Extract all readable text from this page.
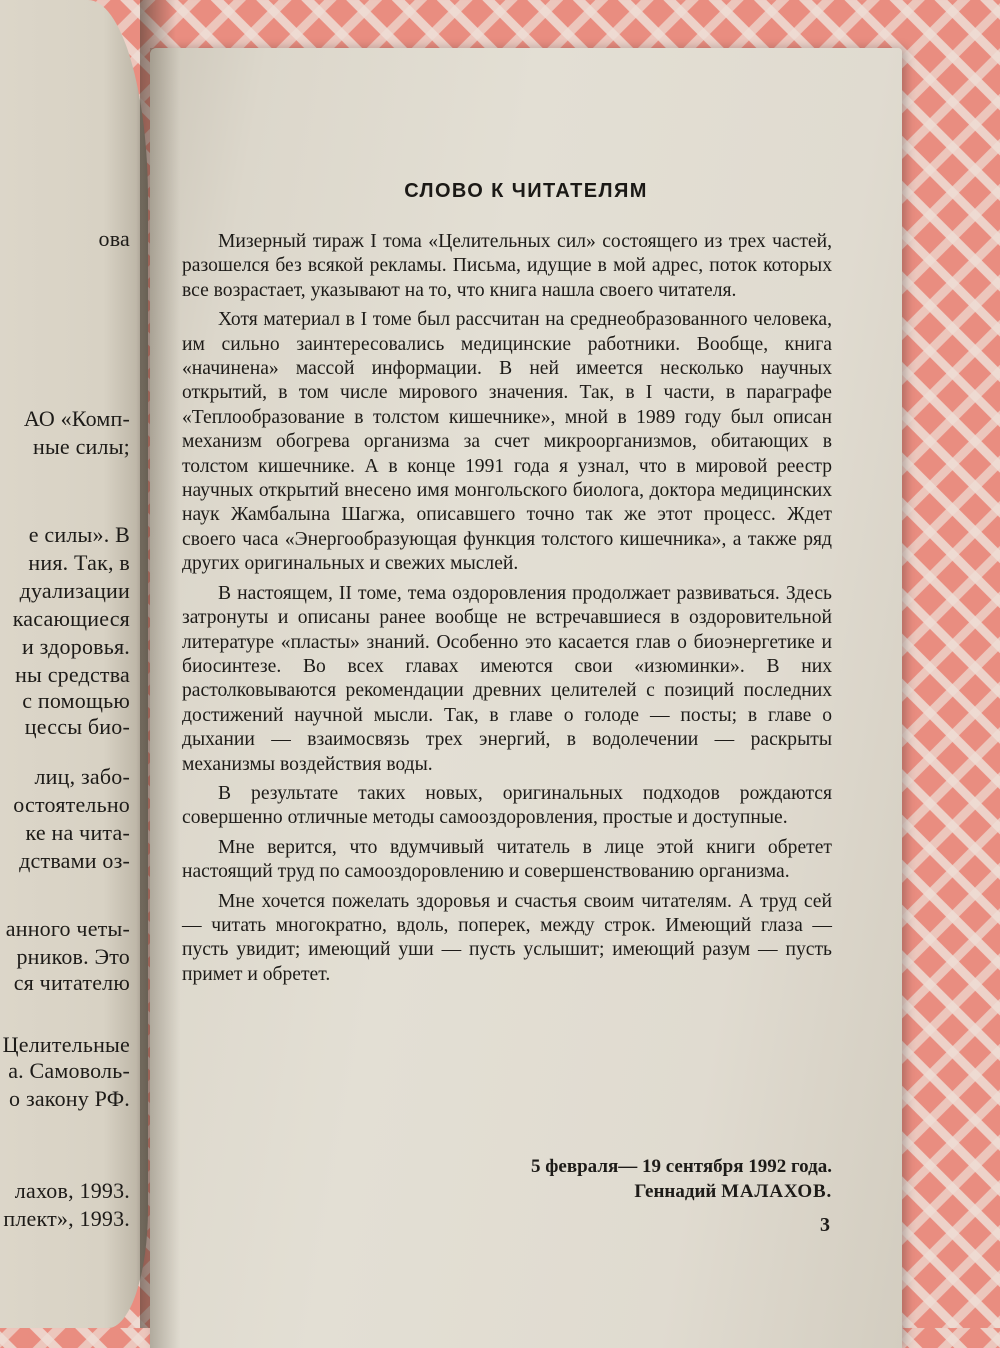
ова
АО «Комп-
ные силы;
е силы». В
ния. Так, в
дуализации
касающиеся
и здоровья.
ны средства
с помощью
цессы био-
лиц, забо-
остоятельно
ке на чита-
дствами оз-
анного четы-
рников. Это
ся читателю
Целительные
а. Самоволь-
о закону РФ.
лахов, 1993.
плект», 1993.
СЛОВО К ЧИТАТЕЛЯМ

Мизерный тираж I тома «Целительных сил» состоящего из трех частей, разошелся без всякой рекламы. Письма, идущие в мой адрес, поток которых все возрастает, указывают на то, что книга нашла своего читателя.

Хотя материал в I томе был рассчитан на среднеобразованного человека, им сильно заинтересовались медицинские работники. Вообще, книга «начинена» массой информации. В ней имеется несколько научных открытий, в том числе мирового значения. Так, в I части, в параграфе «Теплообразование в толстом кишечнике», мной в 1989 году был описан механизм обогрева организма за счет микроорганизмов, обитающих в толстом кишечнике. А в конце 1991 года я узнал, что в мировой реестр научных открытий внесено имя монгольского биолога, доктора медицинских наук Жамбалына Шагжа, описавшего точно так же этот процесс. Ждет своего часа «Энергообразующая функция толстого кишечника», а также ряд других оригинальных и свежих мыслей.

В настоящем, II томе, тема оздоровления продолжает развиваться. Здесь затронуты и описаны ранее вообще не встречавшиеся в оздоровительной литературе «пласты» знаний. Особенно это касается глав о биоэнергетике и биосинтезе. Во всех главах имеются свои «изюминки». В них растолковываются рекомендации древних целителей с позиций последних достижений научной мысли. Так, в главе о голоде — посты; в главе о дыхании — взаимосвязь трех энергий, в водолечении — раскрыты механизмы воздействия воды.

В результате таких новых, оригинальных подходов рождаются совершенно отличные методы самооздоровления, простые и доступные.

Мне верится, что вдумчивый читатель в лице этой книги обретет настоящий труд по самооздоровлению и совершенствованию организма.

Мне хочется пожелать здоровья и счастья своим читателям. А труд сей — читать многократно, вдоль, поперек, между строк. Имеющий глаза — пусть увидит; имеющий уши — пусть услышит; имеющий разум — пусть примет и обретет.

5 февраля— 19 сентября 1992 года.
Геннадий МАЛАХОВ.
3
